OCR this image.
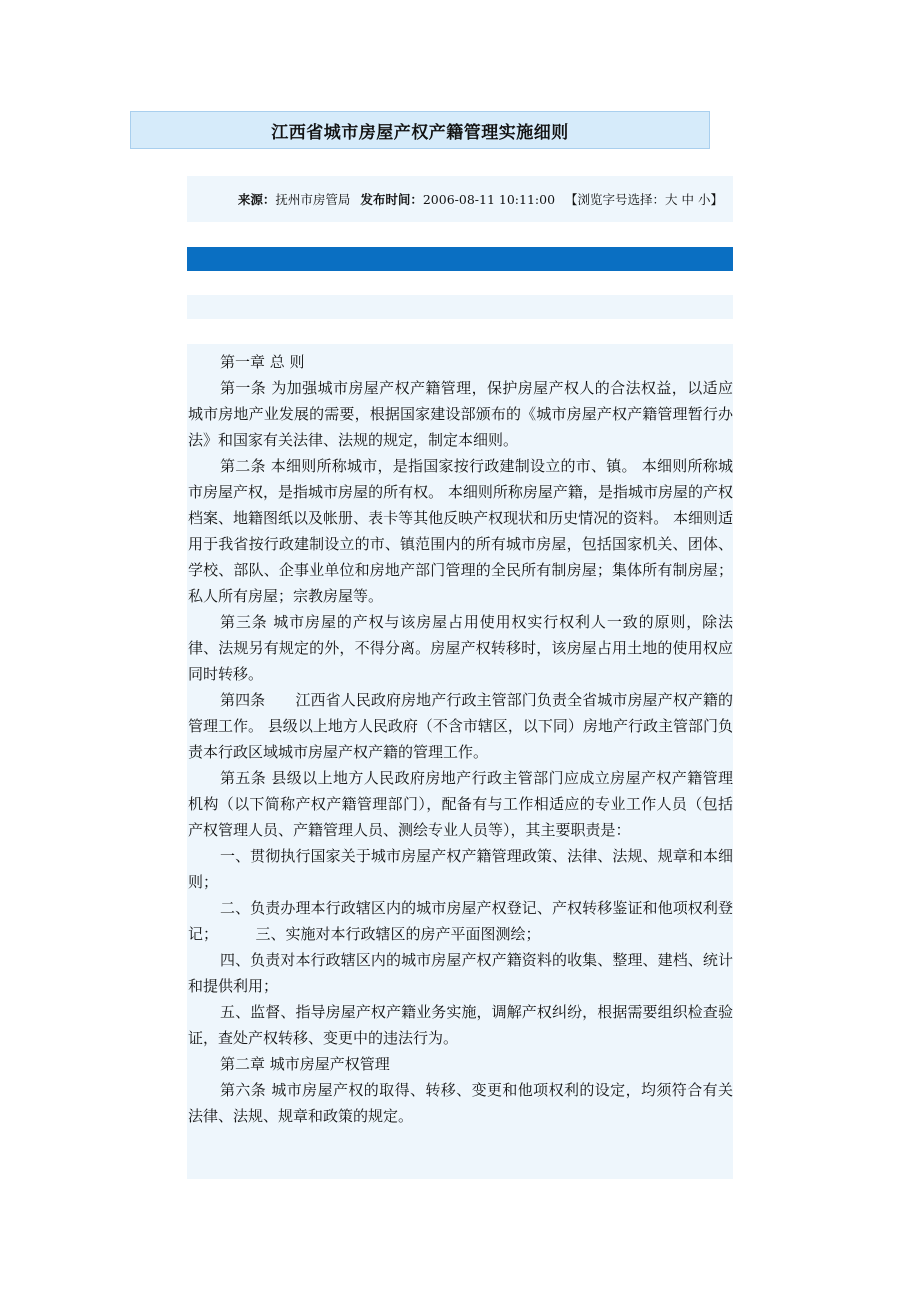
江西省城市房屋产权产籍管理实施细则
来源： 抚州市房管局 发布时间： 2006-08-11 10:11:00 【浏览字号选择：大 中 小】

第一章 总 则

第一条 为加强城市房屋产权产籍管理，保护房屋产权人的合法权益，以适应城市房地产业发展的需要，根据国家建设部颁布的《城市房屋产权产籍管理暂行办法》和国家有关法律、法规的规定，制定本细则。

第二条 本细则所称城市，是指国家按行政建制设立的市、镇。 本细则所称城市房屋产权，是指城市房屋的所有权。 本细则所称房屋产籍，是指城市房屋的产权档案、地籍图纸以及帐册、表卡等其他反映产权现状和历史情况的资料。 本细则适用于我省按行政建制设立的市、镇范围内的所有城市房屋，包括国家机关、团体、学校、部队、企事业单位和房地产部门管理的全民所有制房屋；集体所有制房屋；私人所有房屋；宗教房屋等。

第三条 城市房屋的产权与该房屋占用使用权实行权利人一致的原则，除法律、法规另有规定的外，不得分离。房屋产权转移时，该房屋占用土地的使用权应同时转移。

第四条　　江西省人民政府房地产行政主管部门负责全省城市房屋产权产籍的管理工作。 县级以上地方人民政府（不含市辖区，以下同）房地产行政主管部门负责本行政区域城市房屋产权产籍的管理工作。

第五条 县级以上地方人民政府房地产行政主管部门应成立房屋产权产籍管理机构（以下简称产权产籍管理部门），配备有与工作相适应的专业工作人员（包括产权管理人员、产籍管理人员、测绘专业人员等），其主要职责是：

一、贯彻执行国家关于城市房屋产权产籍管理政策、法律、法规、规章和本细则；

二、负责办理本行政辖区内的城市房屋产权登记、产权转移鉴证和他项权利登记；　　　三、实施对本行政辖区的房产平面图测绘；

四、负责对本行政辖区内的城市房屋产权产籍资料的收集、整理、建档、统计和提供利用；

五、监督、指导房屋产权产籍业务实施，调解产权纠纷，根据需要组织检查验证，查处产权转移、变更中的违法行为。

第二章 城市房屋产权管理

第六条 城市房屋产权的取得、转移、变更和他项权利的设定，均须符合有关法律、法规、规章和政策的规定。
